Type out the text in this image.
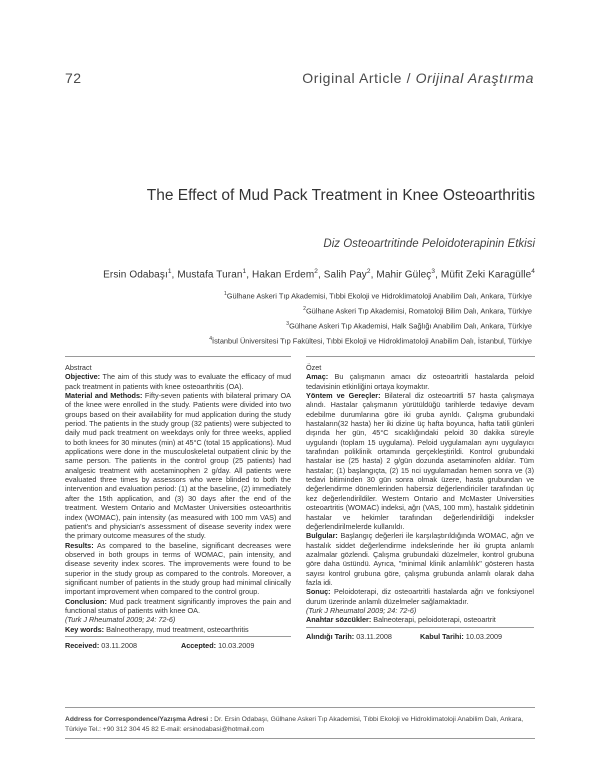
72	Original Article / Orijinal Araştırma
The Effect of Mud Pack Treatment in Knee Osteoarthritis
Diz Osteoartritinde Peloidoterapinin Etkisi
Ersin Odabaşı$^1$, Mustafa Turan$^1$, Hakan Erdem$^2$, Salih Pay$^2$, Mahir Güleç$^3$, Müfit Zeki Karagülle$^4$
$^1$Gülhane Askeri Tıp Akademisi, Tıbbi Ekoloji ve Hidroklimatoloji Anabilim Dalı, Ankara, Türkiye
$^2$Gülhane Askeri Tıp Akademisi, Romatoloji Bilim Dalı, Ankara, Türkiye
$^3$Gülhane Askeri Tıp Akademisi, Halk Sağlığı Anabilim Dalı, Ankara, Türkiye
$^4$İstanbul Üniversitesi Tıp Fakültesi, Tıbbi Ekoloji ve Hidroklimatoloji Anabilim Dalı, İstanbul, Türkiye

Abstract

Objective: The aim of this study was to evaluate the efficacy of mud pack treatment in patients with knee osteoarthritis (OA).

Material and Methods: Fifty-seven patients with bilateral primary OA of the knee were enrolled in the study. Patients were divided into two groups based on their availability for mud application during the study period. The patients in the study group (32 patients) were subjected to daily mud pack treatment on weekdays only for three weeks, applied to both knees for 30 minutes (min) at 45°C (total 15 applications). Mud applications were done in the musculoskeletal outpatient clinic by the same person. The patients in the control group (25 patients) had analgesic treatment with acetaminophen 2 g/day. All patients were evaluated three times by assessors who were blinded to both the intervention and evaluation period: (1) at the baseline, (2) immediately after the 15th application, and (3) 30 days after the end of the treatment. Western Ontario and McMaster Universities osteoarthritis index (WOMAC), pain intensity (as measured with 100 mm VAS) and patient's and physician's assessment of disease severity index were the primary outcome measures of the study.

Results: As compared to the baseline, significant decreases were observed in both groups in terms of WOMAC, pain intensity, and disease severity index scores. The improvements were found to be superior in the study group as compared to the controls. Moreover, a significant number of patients in the study group had minimal clinically important improvement when compared to the control group.

Conclusion: Mud pack treatment significantly improves the pain and functional status of patients with knee OA.

(Turk J Rheumatol 2009; 24: 72-6)

Key words: Balneotherapy, mud treatment, osteoarthritis

Received: 03.11.2008	Accepted: 10.03.2009

Özet

Amaç: Bu çalışmanın amacı diz osteoartritli hastalarda peloid tedavisinin etkinliğini ortaya koymaktır.

Yöntem ve Gereçler: Bilateral diz osteoartritli 57 hasta çalışmaya alındı. Hastalar çalışmanın yürütüldüğü tarihlerde tedaviye devam edebilme durumlarına göre iki gruba ayrıldı. Çalışma grubundaki hastaların(32 hasta) her iki dizine üç hafta boyunca, hafta tatili günleri dışında her gün, 45°C sıcaklığındaki peloid 30 dakika süreyle uygulandı (toplam 15 uygulama). Peloid uygulamaları aynı uygulayıcı tarafından poliklinik ortamında gerçekleştirildi. Kontrol grubundaki hastalar ise (25 hasta) 2 g/gün dozunda asetaminofen aldılar. Tüm hastalar; (1) başlangıçta, (2) 15 nci uygulamadan hemen sonra ve (3) tedavi bitiminden 30 gün sonra olmak üzere, hasta grubundan ve değerlendirme dönemlerinden habersiz değerlendiriciler tarafından üç kez değerlendirildiler. Western Ontario and McMaster Universities osteoartritis (WOMAC) indeksi, ağrı (VAS, 100 mm), hastalık şiddetinin hastalar ve hekimler tarafından değerlendirildiği indeksler değerlendirilmelerde kullanıldı.

Bulgular: Başlangıç değerleri ile karşılaştırıldığında WOMAC, ağrı ve hastalık siddet değerlendirme indekslerinde her iki grupta anlamlı azalmalar gözlendi. Çalışma grubundaki düzelmeler, kontrol grubuna göre daha üstündü. Ayrıca, "minimal klinik anlamlılık" gösteren hasta sayısı kontrol grubuna göre, çalışma grubunda anlamlı olarak daha fazla idi.

Sonuç: Peloidoterapi, diz osteoartritli hastalarda ağrı ve fonksiyonel durum üzerinde anlamlı düzelmeler sağlamaktadır.

(Turk J Rheumatol 2009; 24: 72-6)

Anahtar sözcükler: Balneoterapi, peloidoterapi, osteoartrit

Alındığı Tarih: 03.11.2008	Kabul Tarihi: 10.03.2009
Address for Correspondence/Yazışma Adresi : Dr. Ersin Odabaşı, Gülhane Askeri Tıp Akademisi, Tıbbi Ekoloji ve Hidroklimatoloji Anabilim Dalı, Ankara, Türkiye Tel.: +90 312 304 45 82 E-mail: ersinodabasi@hotmail.com
